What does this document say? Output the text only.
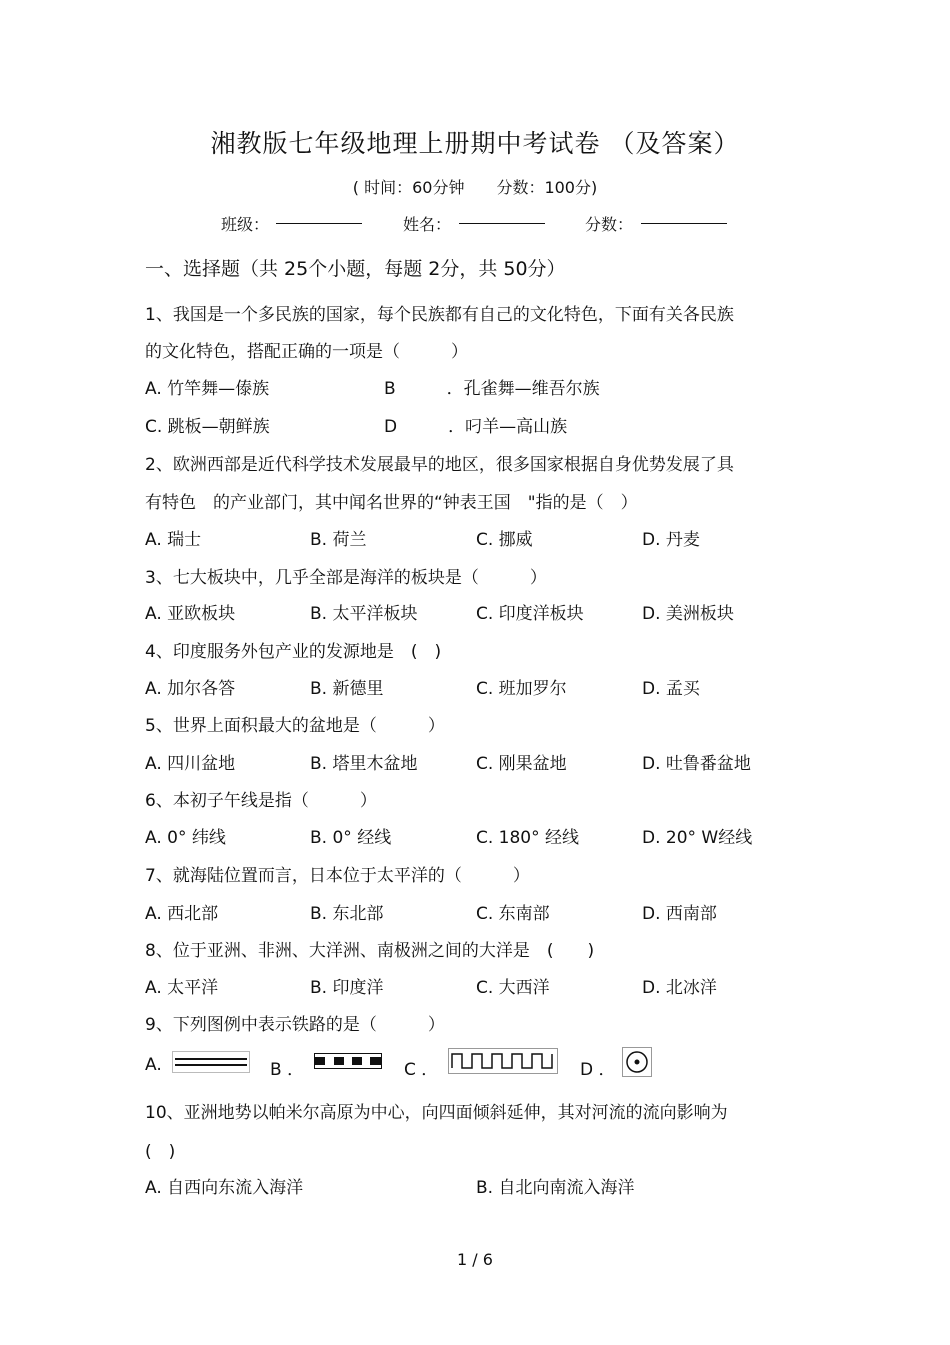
湘教版七年级地理上册期中考试卷 （及答案）
( 时间：60分钟　　分数：100分)
班级：	姓名：	分数：
一、选择题（共 25个小题，每题 2分，共 50分）
1、我国是一个多民族的国家，每个民族都有自己的文化特色，下面有关各民族
的文化特色，搭配正确的一项是（　　　）
A. 竹竿舞—傣族	B　　　．孔雀舞—维吾尔族
C. 跳板—朝鲜族	D　　　．叼羊—高山族
2、欧洲西部是近代科学技术发展最早的地区，很多国家根据自身优势发展了具
有特色　的产业部门，其中闻名世界的“钟表王国　"指的是（　）
A. 瑞士	B. 荷兰	C. 挪威	D. 丹麦
3、七大板块中，几乎全部是海洋的板块是（　　　）
A. 亚欧板块	B. 太平洋板块	C. 印度洋板块	D. 美洲板块
4、印度服务外包产业的发源地是　(　)
A. 加尔各答	B. 新德里	C. 班加罗尔	D. 孟买
5、世界上面积最大的盆地是（　　　）
A. 四川盆地	B. 塔里木盆地	C. 刚果盆地	D. 吐鲁番盆地
6、本初子午线是指（　　　）
A. 0° 纬线	B. 0° 经线	C. 180° 经线	D. 20° W经线
7、就海陆位置而言，日本位于太平洋的（　　　）
A. 西北部	B. 东北部	C. 东南部	D. 西南部
8、位于亚洲、非洲、大洋洲、南极洲之间的大洋是　(　　)
A. 太平洋	B. 印度洋	C. 大西洋	D. 北冰洋
9、下列图例中表示铁路的是（　　　）
A.	B ．	C ．	D ．
10、亚洲地势以帕米尔高原为中心，向四面倾斜延伸，其对河流的流向影响为
(　)
A. 自西向东流入海洋	B. 自北向南流入海洋
1 / 6
